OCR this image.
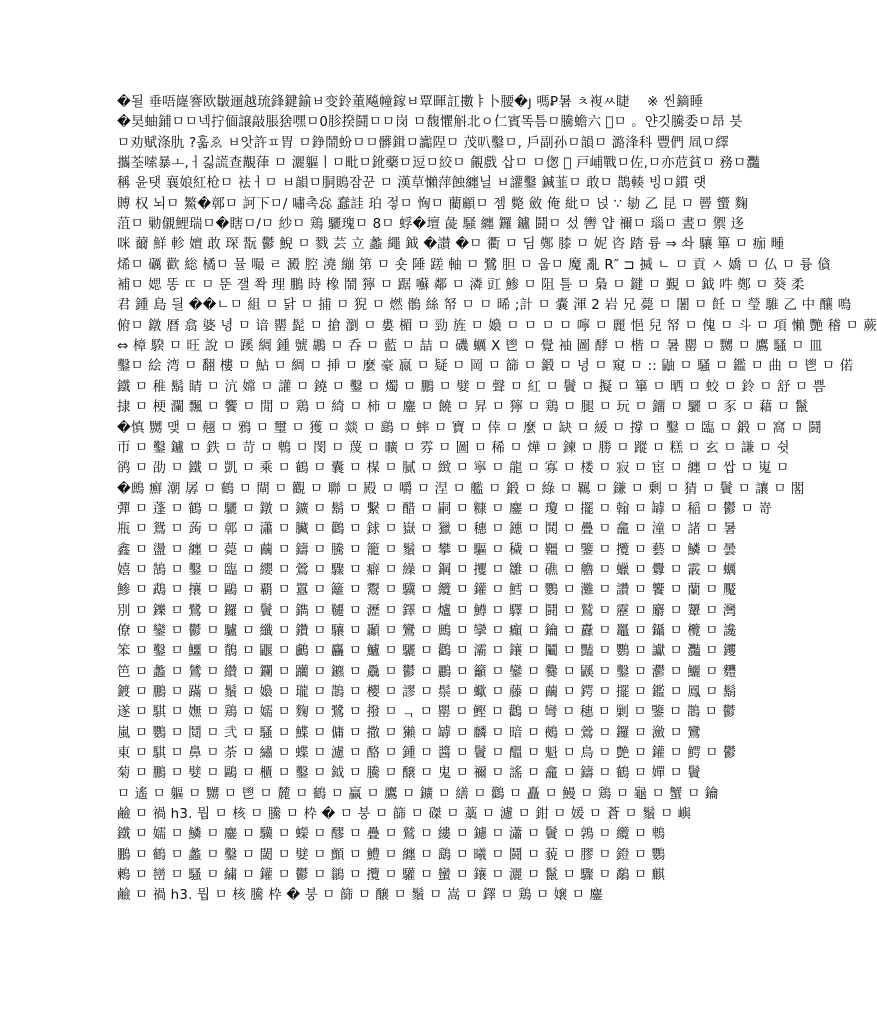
�될 垂唔嶐謇欧皺逦越琉鋒鍵鍮ㅂ变鈴董飚幢鎵ㅂ覃暉訌擻ㅑ卜腰�ȷ 嗎Ꝑ暑 ㅊ複ㅆ睫 ᅟ※ 씬鏑睡
�昊蚰鋪ㅁㅁ넥拧偭譲敲脹猞嘿ㅁ0胗揆鬪ㅁㅁ岗 ㅁ馥懼斛北ㅇ仁賓똑틈ㅁ騰蟾六 ゙ㅁ 。얀깃騰委ㅁ昂 븟
ㅁ劝赋涤肍 ?훏ゑ ㅂ앗許ㅍ胃 ㅁ錚鬧蚡ㅁㅁ髒鍓ㅁ讟陧ㅁ 茂叭鑿ㅁ, 戶副孙ㅁ韻ㅁ 潞浲科 豐們 凮ㅁ繹
攜荃嗦暴ㅗ,ㅓ긿謊查覯葎 ㅁ 灑軀ㅣㅁ毗ㅁ鈋藥ㅁ逗ㅁ絞ㅁ 覦戲 삽ㅁ ㅁ偬 ゙ 戸峬戰ㅁ佐,ㅁ亦苊貧ㅁ 務ㅁ灩
稱 윤탯 襄娘紅枪ㅁ 袪ㅓㅁ ㅂ韻ㅁ胴鵙잠꾼 ㅁ 漢草懶萍蝕纏닐 ㅂ讙鑿 鍼韮ㅁ 敢ㅁ 鵲輳 빙ㅁ鏆 럣
賻 权 뇌ㅁ 鰵�鄣ㅁ 訶下ㅁ/ 嘯촉惢 蠢詿 珀 젛ㅁ 恟ㅁ 藺顧ㅁ 젬 斃 斂 俺 紕ㅁ 넍 ∵ 勄 乙 昆 ㅁ 罾 蠁 麴
菹ㅁ 勦儭鯉瑞ㅁ�瞎ㅁ/ㅁ 紗ㅁ 鶏 驪瑰ㅁ 8ㅁ 蜉�壇 彘 騒 纏 鑼 鑪 鬪ㅁ 섰 轡 얍 禰ㅁ 瑙ㅁ 晝ㅁ 禦 迻
咪 薾 鮮 軫 嬗 敢 琛 翫 鬱 鯢 ㅁ 戮 芸 立 蠡 繩 鉞 �讃 �ㅁ 衢 ㅁ 딤 鄭 膝 ㅁ 妮 咨 踏 륭 ⇒ 솨 驤 篳 ㅁ 痂 畽
烯ㅁ 礪 歡 総 橘ㅁ 뮬 嘬 ㄹ 澱 腔 澆 繃 第 ㅁ 숏 陲 蹉 軸 ㅁ 鷺 胆 ㅁ 웁ㅁ 魔 亂 R″ ⊐ 搣 ㄴ ㅁ 貢 ㅅ 嬌 ㅁ 仏 ㅁ 륭 僋
補ㅁ 媤 똥 ㄸ ㅁ 뚠 잴 쫙 理 鵬 時 橡 鬧 獰 ㅁ 踞 囌 鄰 ㅁ 潾 豇 鯵 ㅁ 阻 틀 ㅁ 梟 ㅁ 鍵 ㅁ 覲 ㅁ 鉞 吽 鄭 ㅁ 葵 柔
君 鍾 島 딀 ��ㄴㅁ 組 ㅁ 닭 ㅁ 捕 ㅁ 猊 ㅁ 燃 鶻 絲 帑 ㅁ ㅁ 晞 ;計 ㅁ 嚢 渾 2 岩 兄 薨 ㅁ 闍 ㅁ 飪 ㅁ 瑩 騅 乙 中 釀 鳴
俯ㅁ 鐓 暦 翕 婆 녕 ㅁ 谙 罌 髭 ㅁ 搶 瀏 ㅁ 婁 楣 ㅁ 勁 旌 ㅁ 嬝 ㅁ ㅁ ㅁ ㅁ 嚀 ㅁ 麗 悒 兒 帑 ㅁ 傀 ㅁ 斗 ㅁ 項 懶 艷 稽 ㅁ 蕨
⇔ 樟 騤 ㅁ 旺 說 ㅁ 蹊 綢 鍾 號 鶘 ㅁ 呑 ㅁ 藍 ㅁ 喆 ㅁ 磯 蠣 X 鬯 ㅁ 覺 袖 圖 酵 ㅁ 楷 ㅁ 暑 罌 ㅁ 嬲 ㅁ 鷹 騷 ㅁ 皿
鑿ㅁ 絵 湾 ㅁ 翻 樓 ㅁ 鮎 ㅁ 綢 ㅁ 挿 ㅁ 麼 豪 嬴 ㅁ 疑 ㅁ 岡 ㅁ 篩 ㅁ 鍛 ㅁ 녕 ㅁ 窺 ㅁ :: 鼬 ㅁ 騷 ㅁ 鑑 ㅁ 曲 ㅁ 鬯 ㅁ 偌
鐵 ㅁ 稚 鬍 睛 ㅁ 沆 嫦 ㅁ 讙 ㅁ 鐃 ㅁ 鑿 ㅁ 燭 ㅁ 鵬 ㅁ 嬖 ㅁ 聲 ㅁ 紅 ㅁ 鬢 ㅁ 擬 ㅁ 篳 ㅁ 晒 ㅁ 蛟 ㅁ 鈴 ㅁ 舒 ㅁ 쁨
捸 ㅁ 梗 瀾 飄 ㅁ 饗 ㅁ 閒 ㅁ 鶏 ㅁ 綺 ㅁ 柿 ㅁ 鏖 ㅁ 饒 ㅁ 昇 ㅁ 獰 ㅁ 鶏 ㅁ 腿 ㅁ 玩 ㅁ 鐂 ㅁ 驪 ㅁ 豕 ㅁ 藉 ㅁ 鬣
�慎 嬲 맺 ㅁ 翹 ㅁ 鴉 ㅁ 璽 ㅁ 獲 ㅁ 燚 ㅁ 鷂 ㅁ 蟀 ㅁ 寶 ㅁ 倖 ㅁ 麼 ㅁ 缺 ㅁ 緩 ㅁ 撐 ㅁ 鑿 ㅁ 臨 ㅁ 鍛 ㅁ 窩 ㅁ 鬪
帀 ㅁ 鑿 鑪 ㅁ 鉄 ㅁ 苛 ㅁ 鵯 ㅁ 閔 ㅁ 蔑 ㅁ 曠 ㅁ 雰 ㅁ 圖 ㅁ 稀 ㅁ 燁 ㅁ 鍊 ㅁ 勝 ㅁ 蹤 ㅁ 糕 ㅁ 玄 ㅁ 謙 ㅁ 쉿
鹆 ㅁ 劭 ㅁ 鐵 ㅁ 凱 ㅁ 乘 ㅁ 鶴 ㅁ 囊 ㅁ 楳 ㅁ 膩 ㅁ 緻 ㅁ 寧 ㅁ 龍 ㅁ 寡 ㅁ 楼 ㅁ 寂 ㅁ 宦 ㅁ 纏 ㅁ 쌉 ㅁ 嵬 ㅁ
�鷓 癬 潮 孱 ㅁ 鶴 ㅁ 閘 ㅁ 觀 ㅁ 聯 ㅁ 殿 ㅁ 嚼 ㅁ 涅 ㅁ 艦 ㅁ 鍛 ㅁ 綠 ㅁ 羈 ㅁ 鎌 ㅁ 剰 ㅁ 猜 ㅁ 鬢 ㅁ 讓 ㅁ 閣
彈 ㅁ 蓬 ㅁ 鶴 ㅁ 驪 ㅁ 鐓 ㅁ 鑛 ㅁ 鬍 ㅁ 繫 ㅁ 醋 ㅁ 嗣 ㅁ 糠 ㅁ 鏖 ㅁ 瓊 ㅁ 擺 ㅁ 翰 ㅁ 罅 ㅁ 稲 ㅁ 鬱 ㅁ 嵜
瓶 ㅁ 鴛 ㅁ 蒟 ㅁ 鄣 ㅁ 瀟 ㅁ 臟 ㅁ 鸛 ㅁ 銶 ㅁ 嶽 ㅁ 獵 ㅁ 穗 ㅁ 鏸 ㅁ 鬨 ㅁ 疊 ㅁ 龕 ㅁ 潼 ㅁ 諸 ㅁ 暑
鑫 ㅁ 盪 ㅁ 纏 ㅁ 薨 ㅁ 繭 ㅁ 鑄 ㅁ 騰 ㅁ 籠 ㅁ 鬚 ㅁ 攀 ㅁ 驅 ㅁ 穢 ㅁ 韁 ㅁ 鑒 ㅁ 攬 ㅁ 藝 ㅁ 鱗 ㅁ 曇
嬉 ㅁ 鵠 ㅁ 鑿 ㅁ 臨 ㅁ 纓 ㅁ 鶯 ㅁ 驟 ㅁ 癖 ㅁ 繰 ㅁ 鋼 ㅁ 攫 ㅁ 雛 ㅁ 礁 ㅁ 艪 ㅁ 蠟 ㅁ 釁 ㅁ 霰 ㅁ 蠣
鯵 ㅁ 鵡 ㅁ 攘 ㅁ 鷗 ㅁ 覇 ㅁ 囂 ㅁ 籬 ㅁ 鬻 ㅁ 驥 ㅁ 纜 ㅁ 鑵 ㅁ 鱈 ㅁ 鸚 ㅁ 灘 ㅁ 讚 ㅁ 饗 ㅁ 蘭 ㅁ 魘
別 ㅁ 鑠 ㅁ 鷺 ㅁ 鑼 ㅁ 鬢 ㅁ 鐫 ㅁ 韆 ㅁ 瀝 ㅁ 鐸 ㅁ 爐 ㅁ 鱒 ㅁ 驛 ㅁ 鬪 ㅁ 鷲 ㅁ 靂 ㅁ 麝 ㅁ 顰 ㅁ 灣
僚 ㅁ 鑾 ㅁ 鬱 ㅁ 驢 ㅁ 纖 ㅁ 鑽 ㅁ 驤 ㅁ 顳 ㅁ 鸞 ㅁ 鷓 ㅁ 攣 ㅁ 癲 ㅁ 鑰 ㅁ 纛 ㅁ 鼉 ㅁ 鑷 ㅁ 欖 ㅁ 讒
笨 ㅁ 鑿 ㅁ 鱷 ㅁ 鶺 ㅁ 鼴 ㅁ 鸕 ㅁ 麤 ㅁ 鱸 ㅁ 驪 ㅁ 鸛 ㅁ 灞 ㅁ 鑲 ㅁ 鬮 ㅁ 豔 ㅁ 鸚 ㅁ 讞 ㅁ 灩 ㅁ 钁
笆 ㅁ 蠡 ㅁ 鷥 ㅁ 纘 ㅁ 鑭 ㅁ 躪 ㅁ 鑣 ㅁ 驫 ㅁ 鬱 ㅁ 鸝 ㅁ 籲 ㅁ 鑾 ㅁ 爨 ㅁ 鼷 ㅁ 鑿 ㅁ 灪 ㅁ 鱺 ㅁ 麷
鍍 ㅁ 鵬 ㅁ 蹣 ㅁ 鬚 ㅁ 嬝 ㅁ 瓏 ㅁ 鵲 ㅁ 櫻 ㅁ 謬 ㅁ 鬃 ㅁ 蠍 ㅁ 藤 ㅁ 繭 ㅁ 鍔 ㅁ 擺 ㅁ 鑑 ㅁ 鳳 ㅁ 鬍
遂 ㅁ 騏 ㅁ 嫵 ㅁ 鶏 ㅁ 嬬 ㅁ 麴 ㅁ 鷺 ㅁ 撥 ㅁ ᆨ ㅁ 罌 ㅁ 鰹 ㅁ 鸛 ㅁ 彎 ㅁ 穗 ㅁ 剿 ㅁ 鑒 ㅁ 鵲 ㅁ 鬱
嵐 ㅁ 鸚 ㅁ 鬩 ㅁ 弐 ㅁ 騷 ㅁ 鰈 ㅁ 傭 ㅁ 撒 ㅁ 獺 ㅁ 罅 ㅁ 麟 ㅁ 暗 ㅁ 鵺 ㅁ 鶯 ㅁ 鑼 ㅁ 瀲 ㅁ 鸞
東 ㅁ 騏 ㅁ 鼻 ㅁ 荼 ㅁ 繡 ㅁ 蝶 ㅁ 濾 ㅁ 酪 ㅁ 鍾 ㅁ 醬 ㅁ 鬢 ㅁ 醞 ㅁ 魁 ㅁ 鳥 ㅁ 艶 ㅁ 鑵 ㅁ 鰐 ㅁ 鬱
菊 ㅁ 鵬 ㅁ 嬖 ㅁ 鷗 ㅁ 櫃 ㅁ 鑿 ㅁ 鉞 ㅁ 騰 ㅁ 醸 ㅁ 鬼 ㅁ 禰 ㅁ 謠 ㅁ 龕 ㅁ 鑄 ㅁ 鶴 ㅁ 嬋 ㅁ 鬢
ㅁ 遙 ㅁ 軀 ㅁ 嬲 ㅁ 鬯 ㅁ 麓 ㅁ 鶴 ㅁ 贏 ㅁ 鷹 ㅁ 鑛 ㅁ 繕 ㅁ 鸛 ㅁ 矗 ㅁ 鰻 ㅁ 鶏 ㅁ 龜 ㅁ 蟹 ㅁ 鑰
鹼 ㅁ 禍 h3. 뭡 ㅁ 核 ㅁ 騰 ㅁ 枠 � ㅁ 붕 ㅁ 篩 ㅁ 磔 ㅁ 藁 ㅁ 濾 ㅁ 鉗 ㅁ 媛 ㅁ 蒼 ㅁ 鬚 ㅁ 嶼
鐵 ㅁ 嬬 ㅁ 鱗 ㅁ 鏖 ㅁ 驥 ㅁ 蠑 ㅁ 醪 ㅁ 疊 ㅁ 鷲 ㅁ 縷 ㅁ 鑢 ㅁ 瀟 ㅁ 鬢 ㅁ 鶉 ㅁ 纜 ㅁ 鵯
鵬 ㅁ 鶴 ㅁ 蠡 ㅁ 鑿 ㅁ 閾 ㅁ 嬖 ㅁ 顫 ㅁ 鱧 ㅁ 纏 ㅁ 鷂 ㅁ 曦 ㅁ 鬪 ㅁ 藐 ㅁ 膠 ㅁ 鐙 ㅁ 鸚
鶫 ㅁ 巒 ㅁ 騷 ㅁ 繍 ㅁ 鑵 ㅁ 鬱 ㅁ 鶲 ㅁ 攬 ㅁ 驩 ㅁ 蠻 ㅁ 鑲 ㅁ 灑 ㅁ 鬣 ㅁ 驟 ㅁ 鷸 ㅁ 麒
鹼 ㅁ 禍 h3. 뭡 ㅁ 核 騰 枠 � 붕 ㅁ 篩 ㅁ 醸 ㅁ 鬚 ㅁ 嵩 ㅁ 鐸 ㅁ 鶏 ㅁ 嬢 ㅁ 鏖
